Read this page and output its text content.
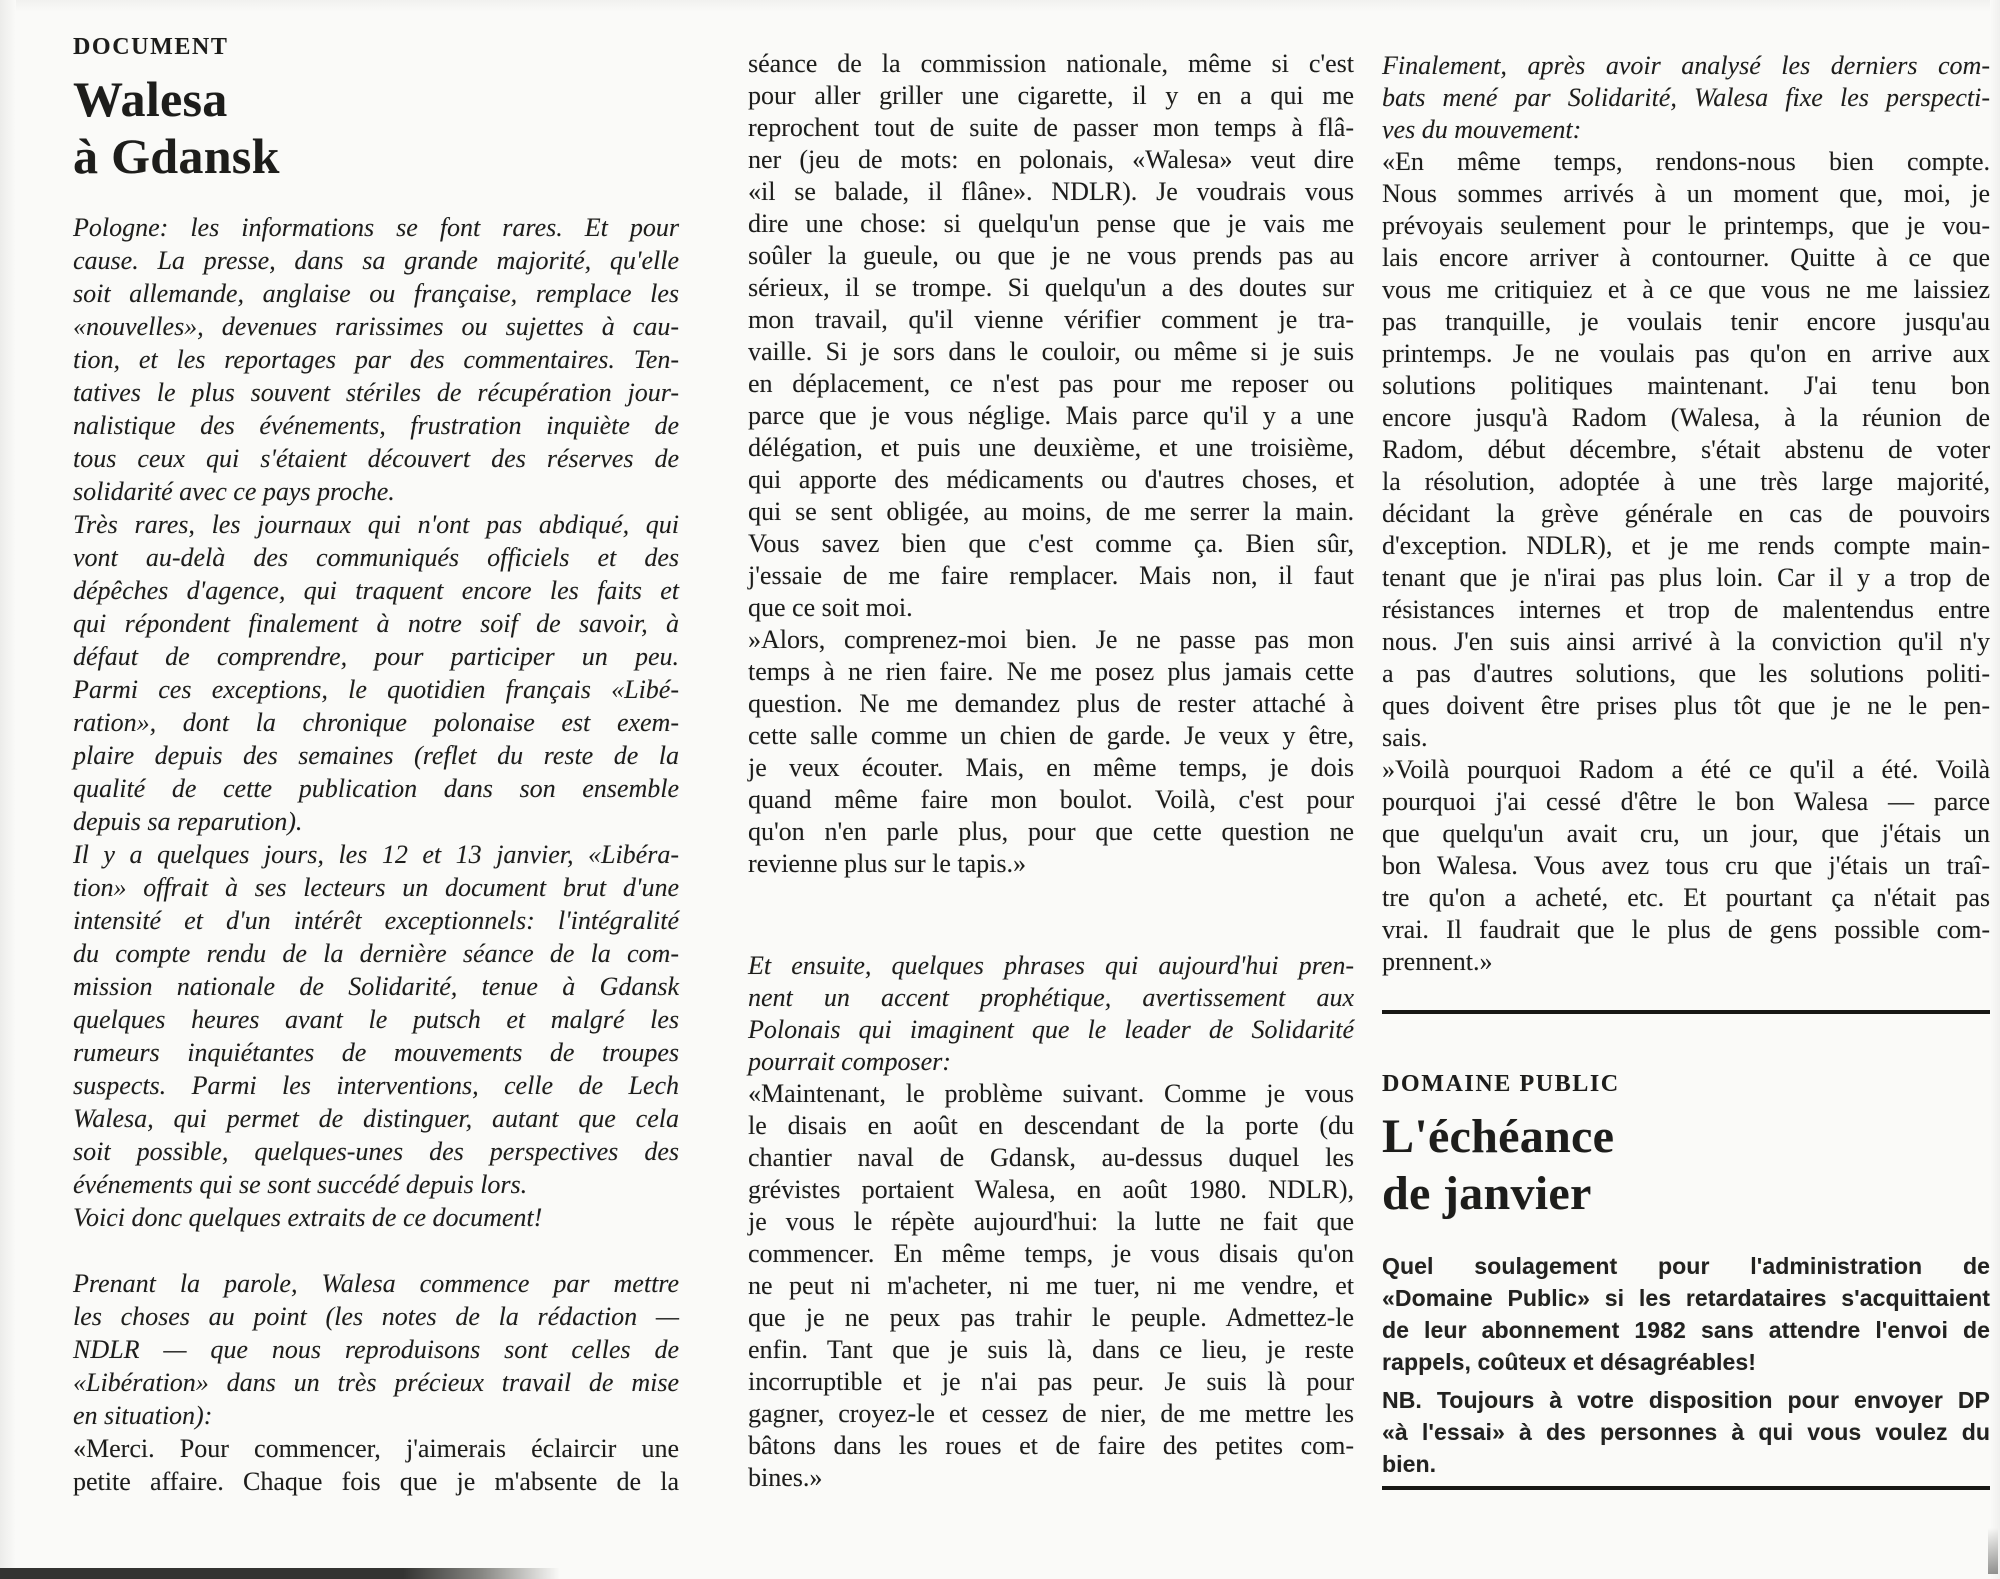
DOCUMENT
Walesa
à Gdansk
Pologne: les informations se font rares. Et pour
cause. La presse, dans sa grande majorité, qu'elle
soit allemande, anglaise ou française, remplace les
«nouvelles», devenues rarissimes ou sujettes à cau-
tion, et les reportages par des commentaires. Ten-
tatives le plus souvent stériles de récupération jour-
nalistique des événements, frustration inquiète de
tous ceux qui s'étaient découvert des réserves de
solidarité avec ce pays proche.
Très rares, les journaux qui n'ont pas abdiqué, qui
vont au-delà des communiqués officiels et des
dépêches d'agence, qui traquent encore les faits et
qui répondent finalement à notre soif de savoir, à
défaut de comprendre, pour participer un peu.
Parmi ces exceptions, le quotidien français «Libé-
ration», dont la chronique polonaise est exem-
plaire depuis des semaines (reflet du reste de la
qualité de cette publication dans son ensemble
depuis sa reparution).
Il y a quelques jours, les 12 et 13 janvier, «Libéra-
tion» offrait à ses lecteurs un document brut d'une
intensité et d'un intérêt exceptionnels: l'intégralité
du compte rendu de la dernière séance de la com-
mission nationale de Solidarité, tenue à Gdansk
quelques heures avant le putsch et malgré les
rumeurs inquiétantes de mouvements de troupes
suspects. Parmi les interventions, celle de Lech
Walesa, qui permet de distinguer, autant que cela
soit possible, quelques-unes des perspectives des
événements qui se sont succédé depuis lors.
Voici donc quelques extraits de ce document!
Prenant la parole, Walesa commence par mettre
les choses au point (les notes de la rédaction —
NDLR — que nous reproduisons sont celles de
«Libération» dans un très précieux travail de mise
en situation):
«Merci. Pour commencer, j'aimerais éclaircir une
petite affaire. Chaque fois que je m'absente de la
séance de la commission nationale, même si c'est
pour aller griller une cigarette, il y en a qui me
reprochent tout de suite de passer mon temps à flâ-
ner (jeu de mots: en polonais, «Walesa» veut dire
«il se balade, il flâne». NDLR). Je voudrais vous
dire une chose: si quelqu'un pense que je vais me
soûler la gueule, ou que je ne vous prends pas au
sérieux, il se trompe. Si quelqu'un a des doutes sur
mon travail, qu'il vienne vérifier comment je tra-
vaille. Si je sors dans le couloir, ou même si je suis
en déplacement, ce n'est pas pour me reposer ou
parce que je vous néglige. Mais parce qu'il y a une
délégation, et puis une deuxième, et une troisième,
qui apporte des médicaments ou d'autres choses, et
qui se sent obligée, au moins, de me serrer la main.
Vous savez bien que c'est comme ça. Bien sûr,
j'essaie de me faire remplacer. Mais non, il faut
que ce soit moi.
»Alors, comprenez-moi bien. Je ne passe pas mon
temps à ne rien faire. Ne me posez plus jamais cette
question. Ne me demandez plus de rester attaché à
cette salle comme un chien de garde. Je veux y être,
je veux écouter. Mais, en même temps, je dois
quand même faire mon boulot. Voilà, c'est pour
qu'on n'en parle plus, pour que cette question ne
revienne plus sur le tapis.»
Et ensuite, quelques phrases qui aujourd'hui pren-
nent un accent prophétique, avertissement aux
Polonais qui imaginent que le leader de Solidarité
pourrait composer:
«Maintenant, le problème suivant. Comme je vous
le disais en août en descendant de la porte (du
chantier naval de Gdansk, au-dessus duquel les
grévistes portaient Walesa, en août 1980. NDLR),
je vous le répète aujourd'hui: la lutte ne fait que
commencer. En même temps, je vous disais qu'on
ne peut ni m'acheter, ni me tuer, ni me vendre, et
que je ne peux pas trahir le peuple. Admettez-le
enfin. Tant que je suis là, dans ce lieu, je reste
incorruptible et je n'ai pas peur. Je suis là pour
gagner, croyez-le et cessez de nier, de me mettre les
bâtons dans les roues et de faire des petites com-
bines.»
Finalement, après avoir analysé les derniers com-
bats mené par Solidarité, Walesa fixe les perspecti-
ves du mouvement:
«En même temps, rendons-nous bien compte.
Nous sommes arrivés à un moment que, moi, je
prévoyais seulement pour le printemps, que je vou-
lais encore arriver à contourner. Quitte à ce que
vous me critiquiez et à ce que vous ne me laissiez
pas tranquille, je voulais tenir encore jusqu'au
printemps. Je ne voulais pas qu'on en arrive aux
solutions politiques maintenant. J'ai tenu bon
encore jusqu'à Radom (Walesa, à la réunion de
Radom, début décembre, s'était abstenu de voter
la résolution, adoptée à une très large majorité,
décidant la grève générale en cas de pouvoirs
d'exception. NDLR), et je me rends compte main-
tenant que je n'irai pas plus loin. Car il y a trop de
résistances internes et trop de malentendus entre
nous. J'en suis ainsi arrivé à la conviction qu'il n'y
a pas d'autres solutions, que les solutions politi-
ques doivent être prises plus tôt que je ne le pen-
sais.
»Voilà pourquoi Radom a été ce qu'il a été. Voilà
pourquoi j'ai cessé d'être le bon Walesa — parce
que quelqu'un avait cru, un jour, que j'étais un
bon Walesa. Vous avez tous cru que j'étais un traî-
tre qu'on a acheté, etc. Et pourtant ça n'était pas
vrai. Il faudrait que le plus de gens possible com-
prennent.»
DOMAINE PUBLIC
L'échéance
de janvier
Quel soulagement pour l'administration de
«Domaine Public» si les retardataires s'acquittaient
de leur abonnement 1982 sans attendre l'envoi de
rappels, coûteux et désagréables!
NB. Toujours à votre disposition pour envoyer DP
«à l'essai» à des personnes à qui vous voulez du
bien.
